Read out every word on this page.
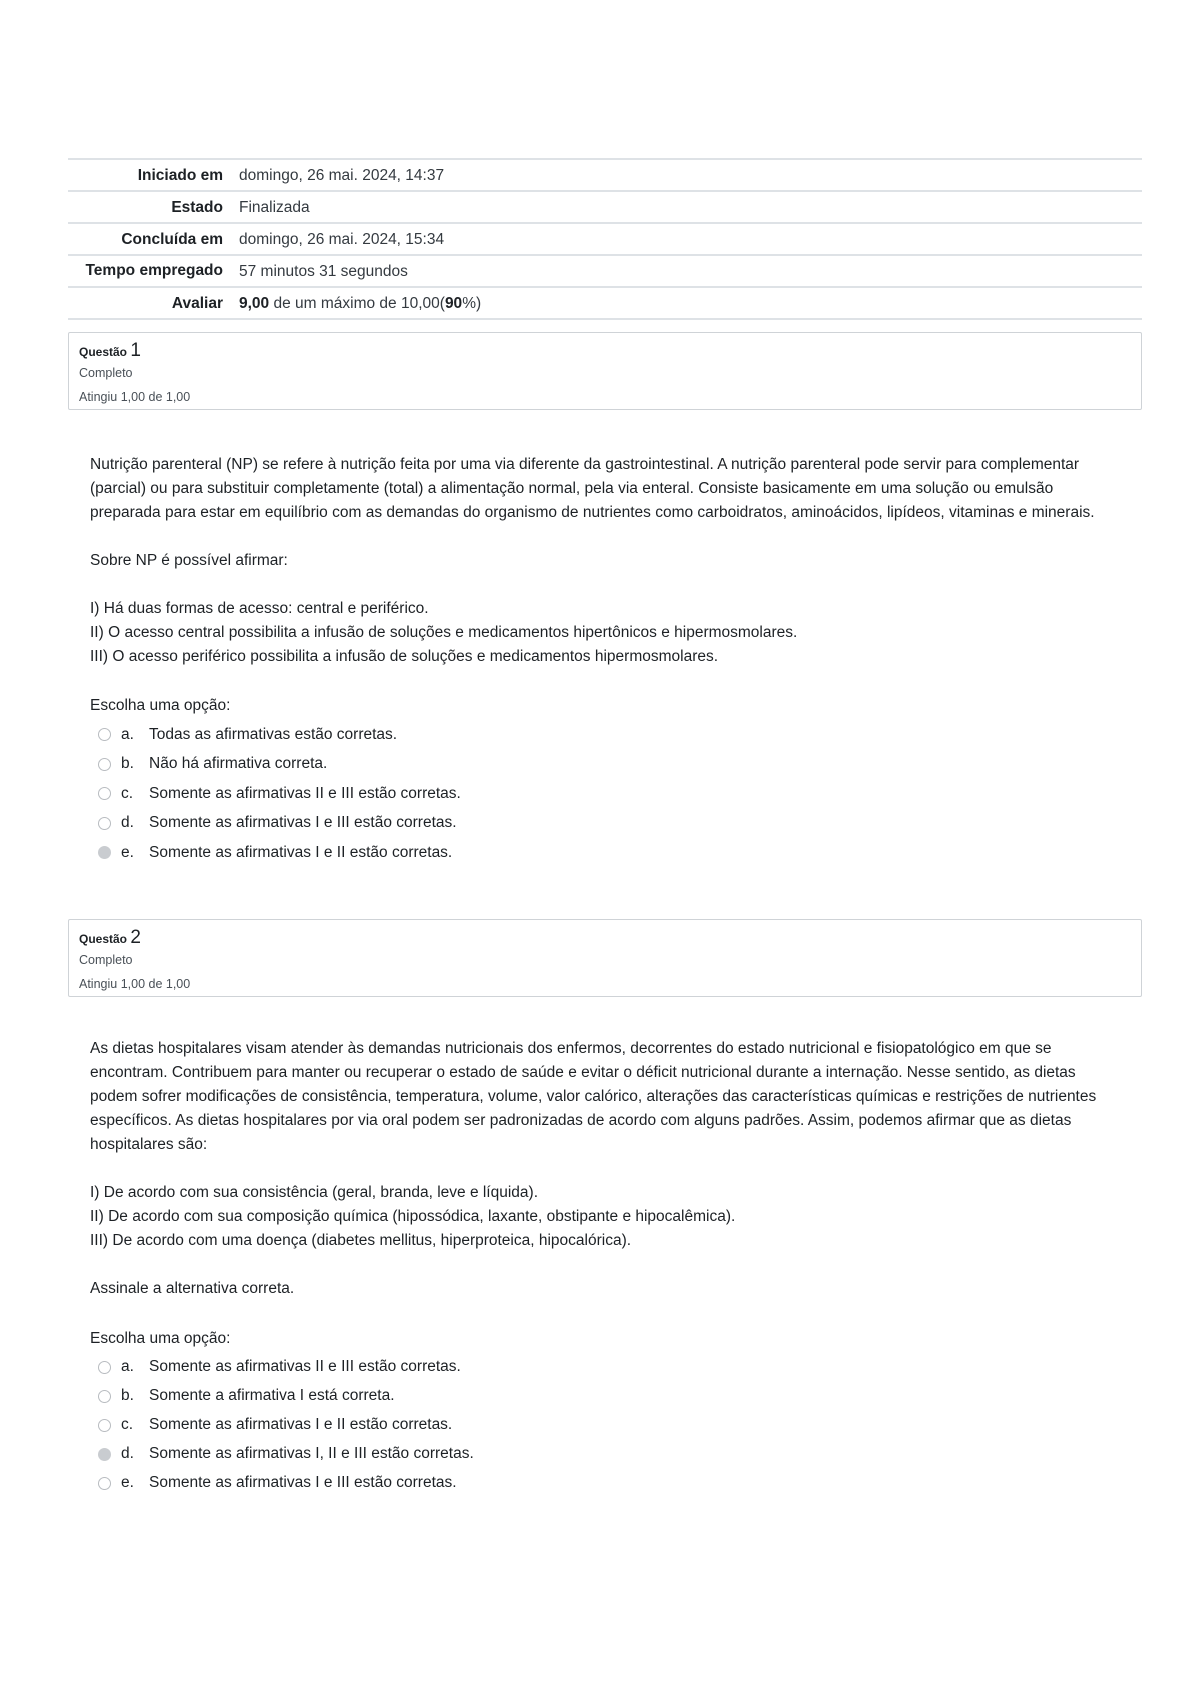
Iniciado em	domingo, 26 mai. 2024, 14:37
Estado	Finalizada
Concluída em	domingo, 26 mai. 2024, 15:34
Tempo empregado	57 minutos 31 segundos
Avaliar	9,00 de um máximo de 10,00(90%)
Questão 1
Completo
Atingiu 1,00 de 1,00

Nutrição parenteral (NP) se refere à nutrição feita por uma via diferente da gastrointestinal. A nutrição parenteral pode servir para complementar (parcial) ou para substituir completamente (total) a alimentação normal, pela via enteral. Consiste basicamente em uma solução ou emulsão preparada para estar em equilíbrio com as demandas do organismo de nutrientes como carboidratos, aminoácidos, lipídeos, vitaminas e minerais.

Sobre NP é possível afirmar:

I) Há duas formas de acesso: central e periférico.

II) O acesso central possibilita a infusão de soluções e medicamentos hipertônicos e hipermosmolares.

III) O acesso periférico possibilita a infusão de soluções e medicamentos hipermosmolares.

Escolha uma opção:

a. Todas as afirmativas estão corretas.
b. Não há afirmativa correta.
c.	Somente as afirmativas II e III estão corretas.
d. Somente as afirmativas I e III estão corretas.
e. Somente as afirmativas I e II estão corretas.
Questão 2
Completo
Atingiu 1,00 de 1,00

As dietas hospitalares visam atender às demandas nutricionais dos enfermos, decorrentes do estado nutricional e fisiopatológico em que se encontram. Contribuem para manter ou recuperar o estado de saúde e evitar o déficit nutricional durante a internação. Nesse sentido, as dietas podem sofrer modificações de consistência, temperatura, volume, valor calórico, alterações das características químicas e restrições de nutrientes específicos. As dietas hospitalares por via oral podem ser padronizadas de acordo com alguns padrões. Assim, podemos afirmar que as dietas hospitalares são:

I) De acordo com sua consistência (geral, branda, leve e líquida).

II) De acordo com sua composição química (hipossódica, laxante, obstipante e hipocalêmica).

III) De acordo com uma doença (diabetes mellitus, hiperproteica, hipocalórica).

Assinale a alternativa correta.

Escolha uma opção:

a. Somente as afirmativas II e III estão corretas.
b. Somente a afirmativa I está correta.
c.	Somente as afirmativas I e II estão corretas.
d. Somente as afirmativas I, II e III estão corretas.
e. Somente as afirmativas I e III estão corretas.
